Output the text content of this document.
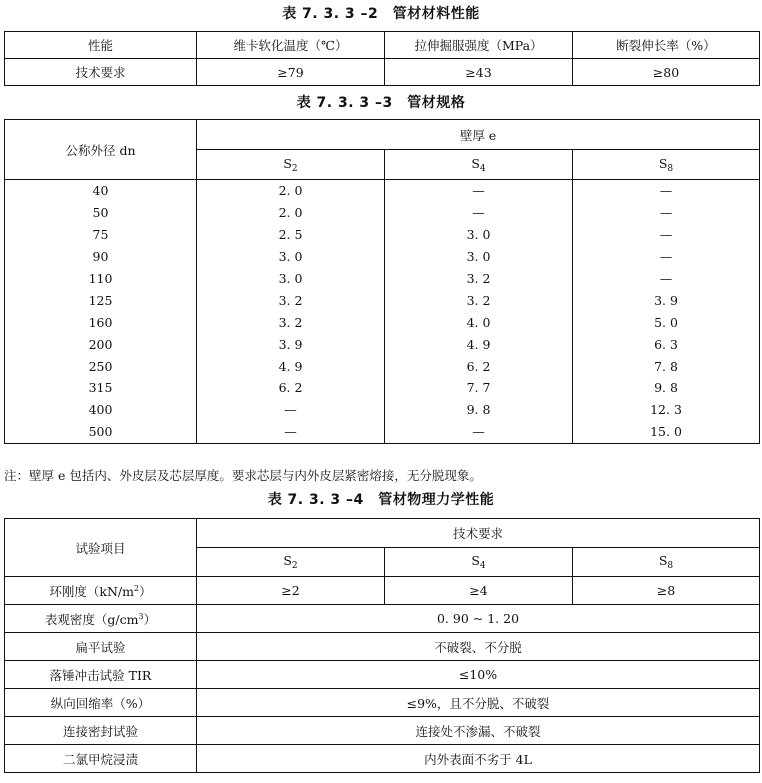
表 7. 3. 3 –2　管材材料性能
性能	维卡软化温度（℃）	拉伸掘服强度（MPa）	断裂伸长率（%）
技术要求	≥79	≥43	≥80
表 7. 3. 3 –3　管材规格
公称外径 dn	壁厚 e		
	$S_2$	$S_4$	$S_8$
40	2. 0	—	—
50	2. 0	—	—
75	2. 5	3. 0	—
90	3. 0	3. 0	—
110	3. 0	3. 2	—
125	3. 2	3. 2	3. 9
160	3. 2	4. 0	5. 0
200	3. 9	4. 9	6. 3
250	4. 9	6. 2	7. 8
315	6. 2	7. 7	9. 8
400	—	9. 8	12. 3
500	—	—	15. 0
注：壁厚 e 包括内、外皮层及芯层厚度。要求芯层与内外皮层紧密熔接，无分脱现象。
表 7. 3. 3 –4　管材物理力学性能
试验项目	技术要求		
	$S_2$	$S_4$	$S_8$
环刚度$(kN/m^2)$	≥2	≥4	≥8
表观密度$(g/cm^3)$	0. 90 ~ 1. 20		
扁平试验	不破裂、不分脱		
落锤冲击试验 TIR	≤10%		
纵向回缩率（%）	≤9%，且不分脱、不破裂		
连接密封试验	连接处不渗漏、不破裂		
二氯甲烷浸渍	内外表面不劣于 4L		
